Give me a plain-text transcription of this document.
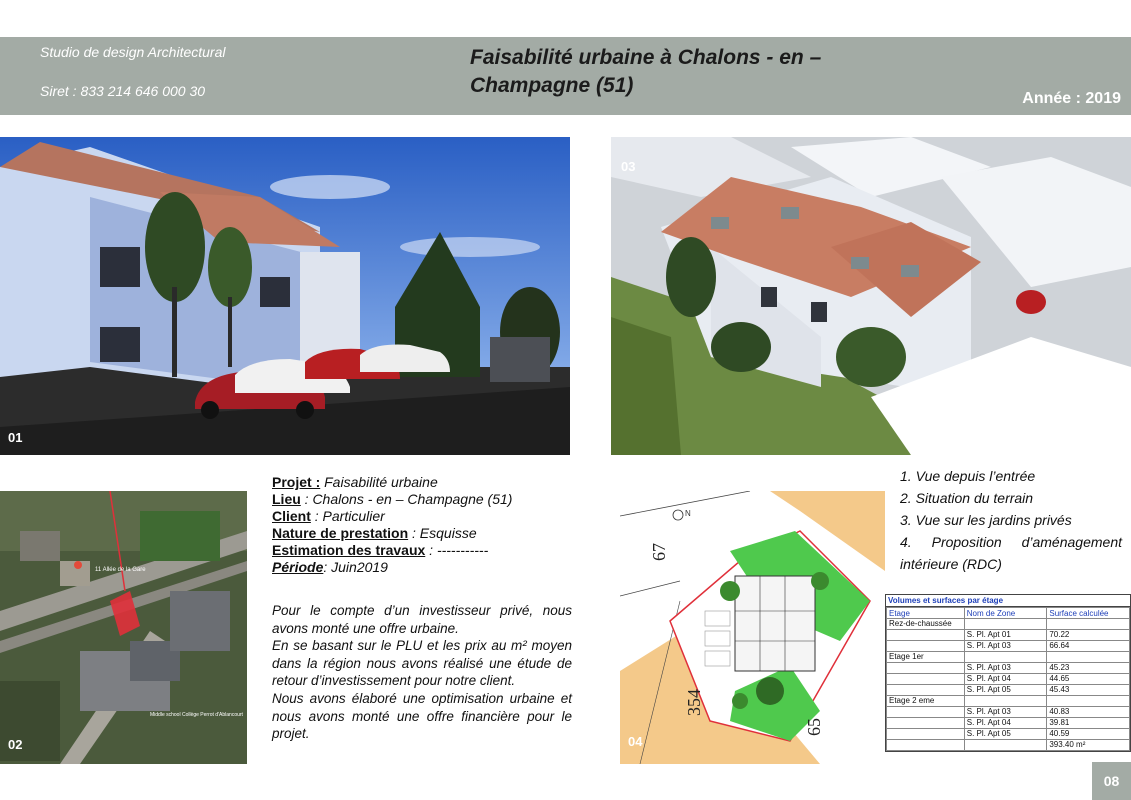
Studio de design Architectural
Siret : 833 214 646 000 30
Faisabilité urbaine à Chalons - en –
Champagne (51)
Année : 2019
01
03
11 Allée de la Gare
Middle school Collège Perrot d'Ablancourt
02
N
67
354
65
04
Projet : Faisabilité urbaine
Lieu : Chalons - en – Champagne (51)
Client : Particulier
Nature de prestation : Esquisse
Estimation des travaux : -----------
Période: Juin2019
Pour le compte d’un investisseur privé, nous avons monté une offre urbaine.
En se basant sur le PLU et les prix au m² moyen dans la région nous avons réalisé une étude de retour d’investissement pour notre client.
Nous avons élaboré une optimisation urbaine et nous avons monté une offre financière pour le projet.
1. Vue depuis l’entrée
2. Situation du terrain
3. Vue sur les jardins privés
4. Proposition d’aménagement intérieure (RDC)
Volumes et surfaces par étage
Etage	Nom de Zone	Surface calculée
Rez-de-chaussée		
	S. Pl. Apt 01	70.22
	S. Pl. Apt 03	66.64
Etage 1er		
	S. Pl. Apt 03	45.23
	S. Pl. Apt 04	44.65
	S. Pl. Apt 05	45.43
Etage 2 eme		
	S. Pl. Apt 03	40.83
	S. Pl. Apt 04	39.81
	S. Pl. Apt 05	40.59
		393.40 m²
08
